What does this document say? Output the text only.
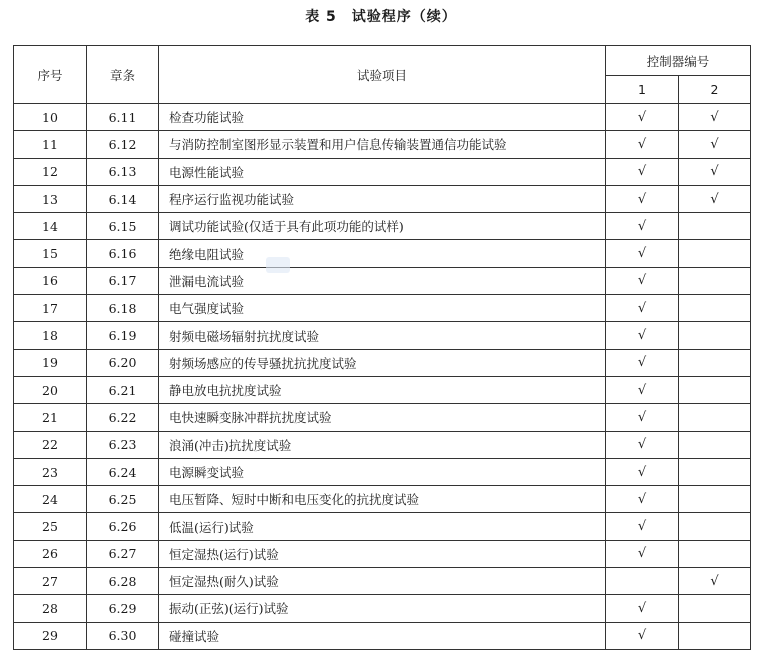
表 5　试验程序（续）
序号	章条	试验项目	控制器编号	
			1	2
10	6.11	检查功能试验	√	√
11	6.12	与消防控制室图形显示装置和用户信息传输装置通信功能试验	√	√
12	6.13	电源性能试验	√	√
13	6.14	程序运行监视功能试验	√	√
14	6.15	调试功能试验(仅适于具有此项功能的试样)	√	
15	6.16	绝缘电阻试验	√	
16	6.17	泄漏电流试验	√	
17	6.18	电气强度试验	√	
18	6.19	射频电磁场辐射抗扰度试验	√	
19	6.20	射频场感应的传导骚扰抗扰度试验	√	
20	6.21	静电放电抗扰度试验	√	
21	6.22	电快速瞬变脉冲群抗扰度试验	√	
22	6.23	浪涌(冲击)抗扰度试验	√	
23	6.24	电源瞬变试验	√	
24	6.25	电压暂降、短时中断和电压变化的抗扰度试验	√	
25	6.26	低温(运行)试验	√	
26	6.27	恒定湿热(运行)试验	√	
27	6.28	恒定湿热(耐久)试验		√
28	6.29	振动(正弦)(运行)试验	√	
29	6.30	碰撞试验	√	
